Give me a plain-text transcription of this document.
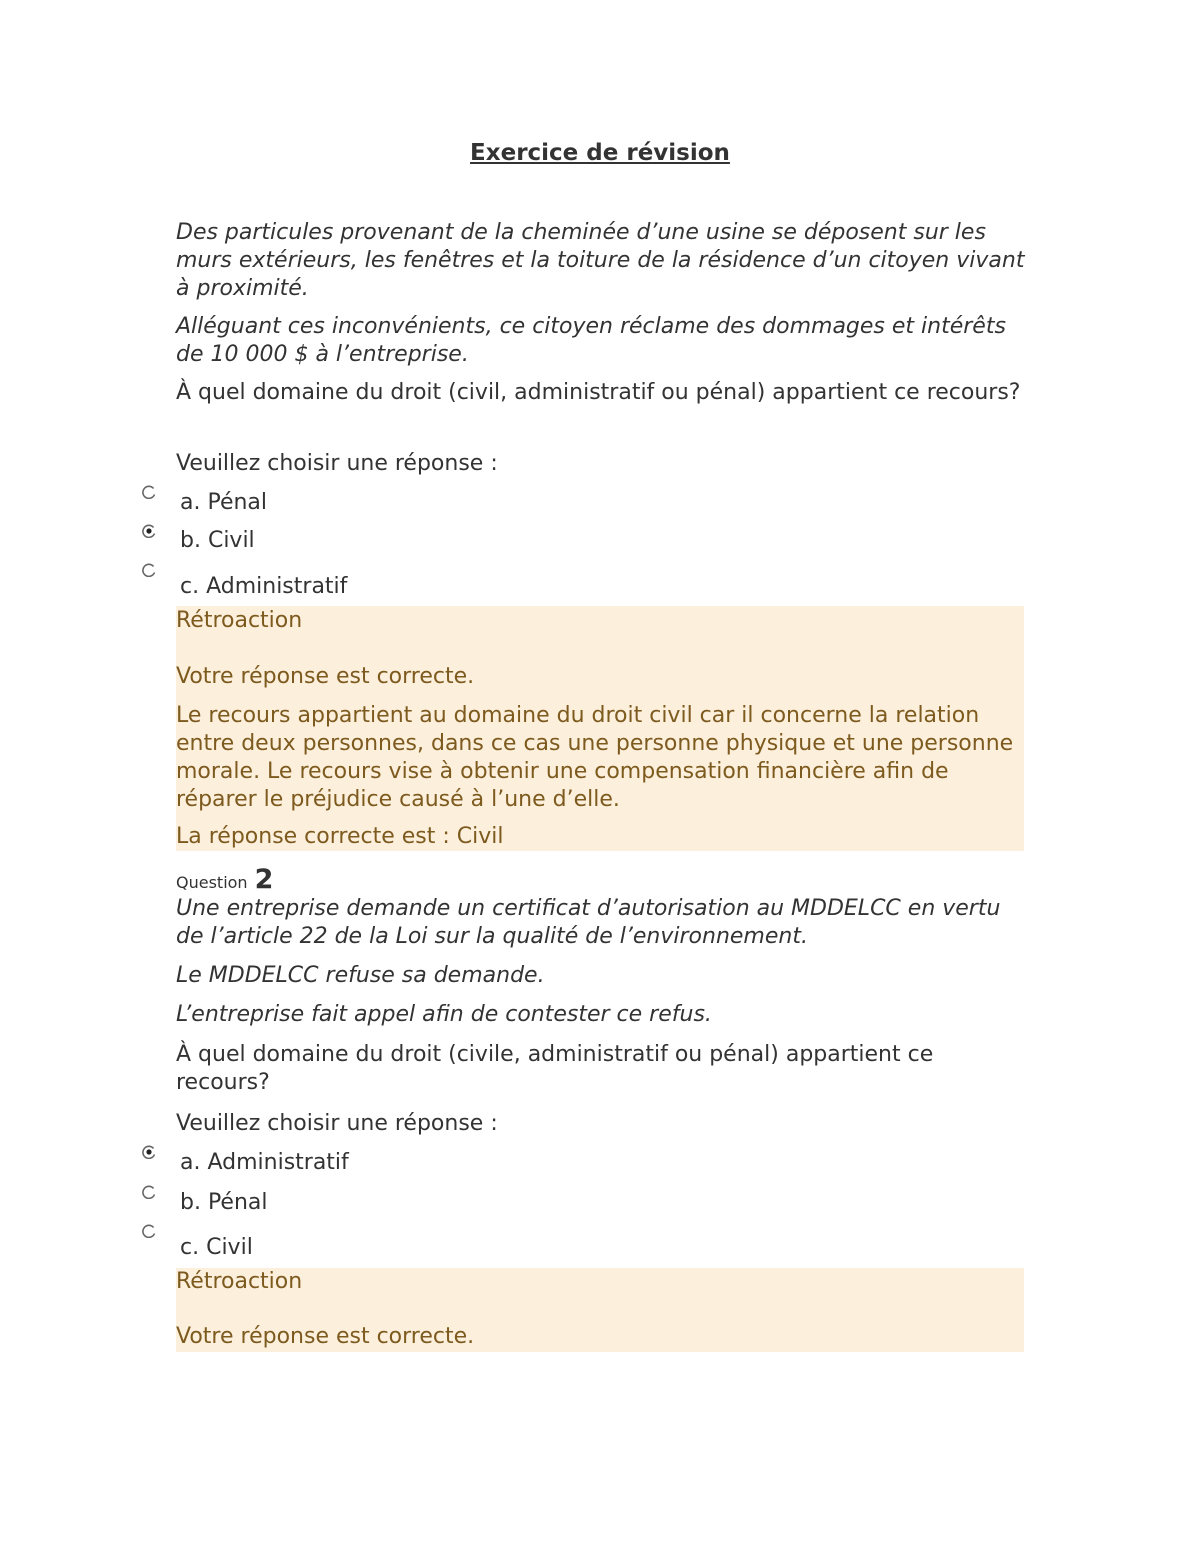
Exercice de révision
Des particules provenant de la cheminée d’une usine se déposent sur les murs extérieurs, les fenêtres et la toiture de la résidence d’un citoyen vivant à proximité.
Alléguant ces inconvénients, ce citoyen réclame des dommages et intérêts de 10 000 $ à l’entreprise.
À quel domaine du droit (civil, administratif ou pénal) appartient ce recours?
Veuillez choisir une réponse :
a. Pénal
b. Civil
c. Administratif
Rétroaction
Votre réponse est correcte.
Le recours appartient au domaine du droit civil car il concerne la relation entre deux personnes, dans ce cas une personne physique et une personne morale. Le recours vise à obtenir une compensation financière afin de réparer le préjudice causé à l’une d’elle.
La réponse correcte est : Civil
Question 2
Une entreprise demande un certificat d’autorisation au MDDELCC en vertu de l’article 22 de la Loi sur la qualité de l’environnement.
Le MDDELCC refuse sa demande.
L’entreprise fait appel afin de contester ce refus.
À quel domaine du droit (civile, administratif ou pénal) appartient ce recours?
Veuillez choisir une réponse :
a. Administratif
b. Pénal
c. Civil
Rétroaction
Votre réponse est correcte.
